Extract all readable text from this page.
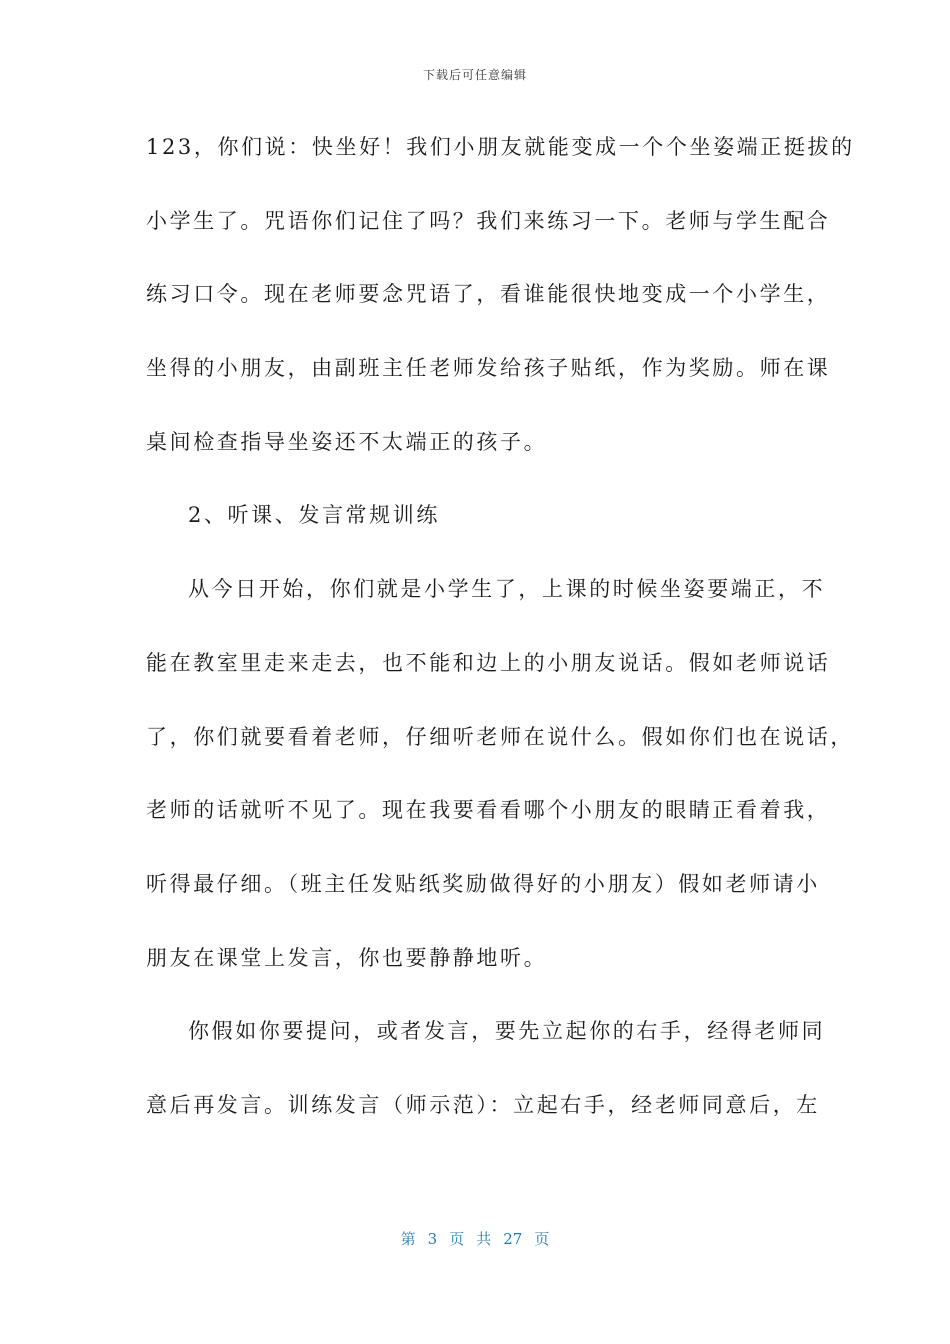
下载后可任意编辑
123，你们说：快坐好！我们小朋友就能变成一个个坐姿端正挺拔的
小学生了。咒语你们记住了吗？我们来练习一下。老师与学生配合
练习口令。现在老师要念咒语了，看谁能很快地变成一个小学生，
坐得的小朋友，由副班主任老师发给孩子贴纸，作为奖励。师在课
桌间检查指导坐姿还不太端正的孩子。
2、听课、发言常规训练
从今日开始，你们就是小学生了，上课的时候坐姿要端正，不
能在教室里走来走去，也不能和边上的小朋友说话。假如老师说话
了，你们就要看着老师，仔细听老师在说什么。假如你们也在说话，
老师的话就听不见了。现在我要看看哪个小朋友的眼睛正看着我，
听得最仔细。（班主任发贴纸奖励做得好的小朋友）假如老师请小
朋友在课堂上发言，你也要静静地听。
你假如你要提问，或者发言，要先立起你的右手，经得老师同
意后再发言。训练发言（师示范）：立起右手，经老师同意后，左
第 3 页 共 27 页
